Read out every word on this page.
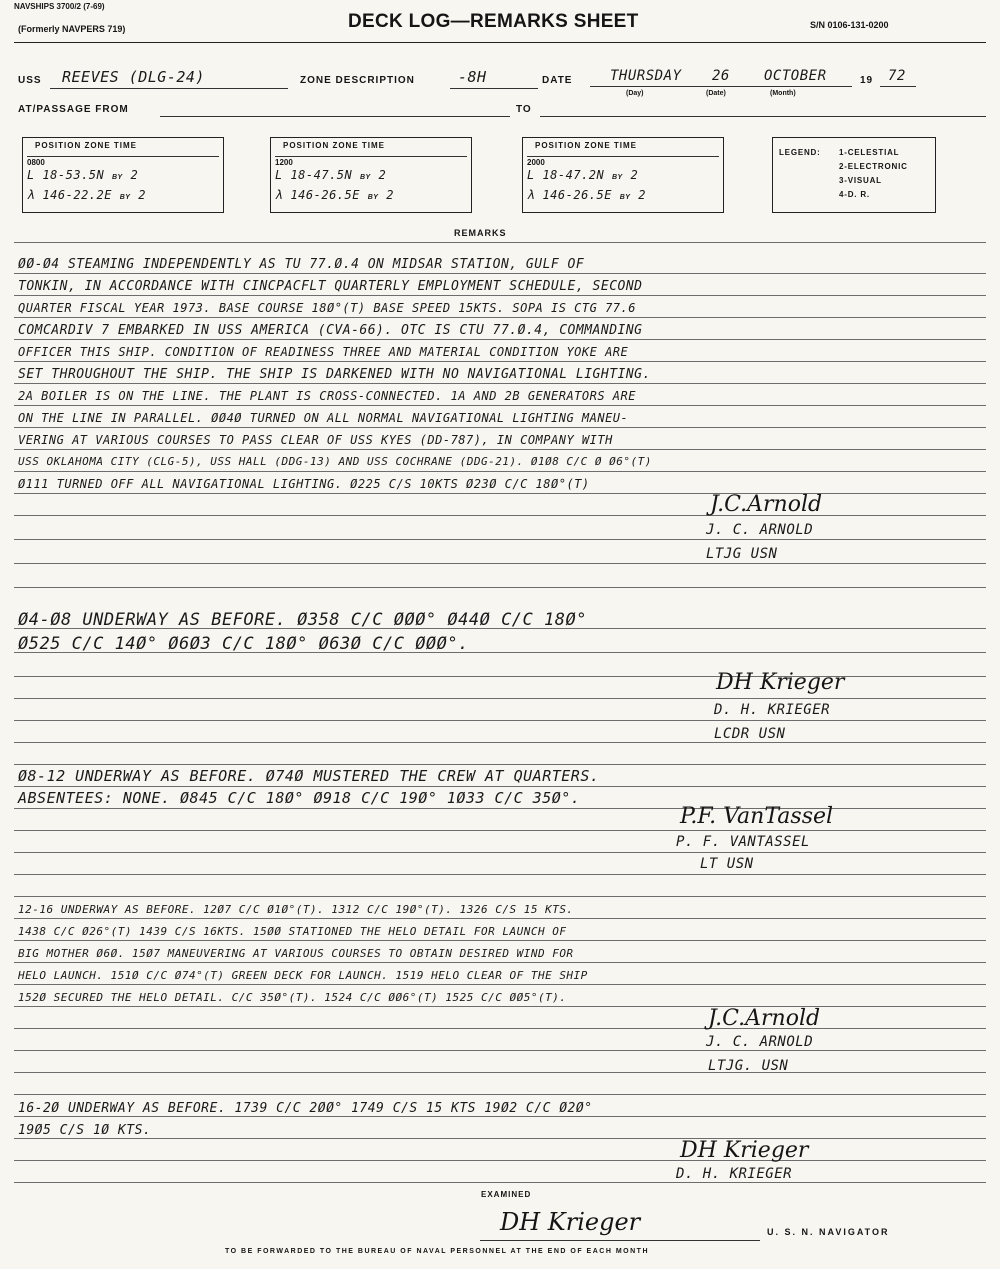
NAVSHIPS 3700/2 (7-69)
(Formerly NAVPERS 719)	DECK LOG—REMARKS SHEET	S/N 0106-131-0200
USS REEVES (DLG-24)	ZONE DESCRIPTION	-8H	DATE	THURSDAY 26 OCTOBER	19 72
(Day)	(Date)	(Month)
AT/PASSAGE FROM	TO
POSITION ZONE TIME
0800
L 18-53.5N BY 2
λ 146-22.2E BY 2
POSITION ZONE TIME
1200
L 18-47.5N BY 2
λ 146-26.5E BY 2
POSITION ZONE TIME
2000
L 18-47.2N BY 2
λ 146-26.5E BY 2
LEGEND: 1-CELESTIAL
2-ELECTRONIC
3-VISUAL
4-D. R.
REMARKS
ØØ-Ø4 STEAMING INDEPENDENTLY AS TU 77.Ø.4 ON MIDSAR STATION, GULF OF
TONKIN, IN ACCORDANCE WITH CINCPACFLT QUARTERLY EMPLOYMENT SCHEDULE, SECOND
QUARTER FISCAL YEAR 1973. BASE COURSE 18Ø°(T) BASE SPEED 15KTS. SOPA IS CTG 77.6
COMCARDIV 7 EMBARKED IN USS AMERICA (CVA-66). OTC IS CTU 77.Ø.4, COMMANDING
OFFICER THIS SHIP. CONDITION OF READINESS THREE AND MATERIAL CONDITION YOKE ARE
SET THROUGHOUT THE SHIP. THE SHIP IS DARKENED WITH NO NAVIGATIONAL LIGHTING.
2A BOILER IS ON THE LINE. THE PLANT IS CROSS-CONNECTED. 1A AND 2B GENERATORS ARE
ON THE LINE IN PARALLEL. ØØ4Ø TURNED ON ALL NORMAL NAVIGATIONAL LIGHTING MANEU-
VERING AT VARIOUS COURSES TO PASS CLEAR OF USS KYES (DD-787), IN COMPANY WITH
USS OKLAHOMA CITY (CLG-5), USS HALL (DDG-13) AND USS COCHRANE (DDG-21). Ø1Ø8 C/C Ø Ø6°(T)
Ø111 TURNED OFF ALL NAVIGATIONAL LIGHTING. Ø225 C/S 10KTS Ø23Ø C/C 18Ø°(T)
J.C.Arnold
J. C. ARNOLD
LTJG USN
Ø4-Ø8 UNDERWAY AS BEFORE. Ø358 C/C ØØØ° Ø44Ø C/C 18Ø°
Ø525 C/C 14Ø° Ø6Ø3 C/C 18Ø° Ø63Ø C/C ØØØ°.
DH Krieger
D. H. KRIEGER
LCDR USN
Ø8-12 UNDERWAY AS BEFORE. Ø74Ø MUSTERED THE CREW AT QUARTERS.
ABSENTEES: NONE. Ø845 C/C 18Ø° Ø918 C/C 19Ø° 1Ø33 C/C 35Ø°.
P.F. VanTassel
P. F. VANTASSEL
LT USN
12-16 UNDERWAY AS BEFORE. 12Ø7 C/C Ø1Ø°(T). 1312 C/C 19Ø°(T). 1326 C/S 15 KTS.
1438 C/C Ø26°(T) 1439 C/S 16KTS. 15ØØ STATIONED THE HELO DETAIL FOR LAUNCH OF
BIG MOTHER Ø6Ø. 15Ø7 MANEUVERING AT VARIOUS COURSES TO OBTAIN DESIRED WIND FOR
HELO LAUNCH. 151Ø C/C Ø74°(T) GREEN DECK FOR LAUNCH. 1519 HELO CLEAR OF THE SHIP
152Ø SECURED THE HELO DETAIL. C/C 35Ø°(T). 1524 C/C ØØ6°(T) 1525 C/C ØØ5°(T).
J.C.Arnold
J. C. ARNOLD
LTJG. USN
16-2Ø UNDERWAY AS BEFORE. 1739 C/C 2ØØ° 1749 C/S 15 KTS 19Ø2 C/C Ø2Ø°
19Ø5 C/S 1Ø KTS.
DH Krieger
D. H. KRIEGER
EXAMINED
DH Krieger	U. S. N. NAVIGATOR
TO BE FORWARDED TO THE BUREAU OF NAVAL PERSONNEL AT THE END OF EACH MONTH
